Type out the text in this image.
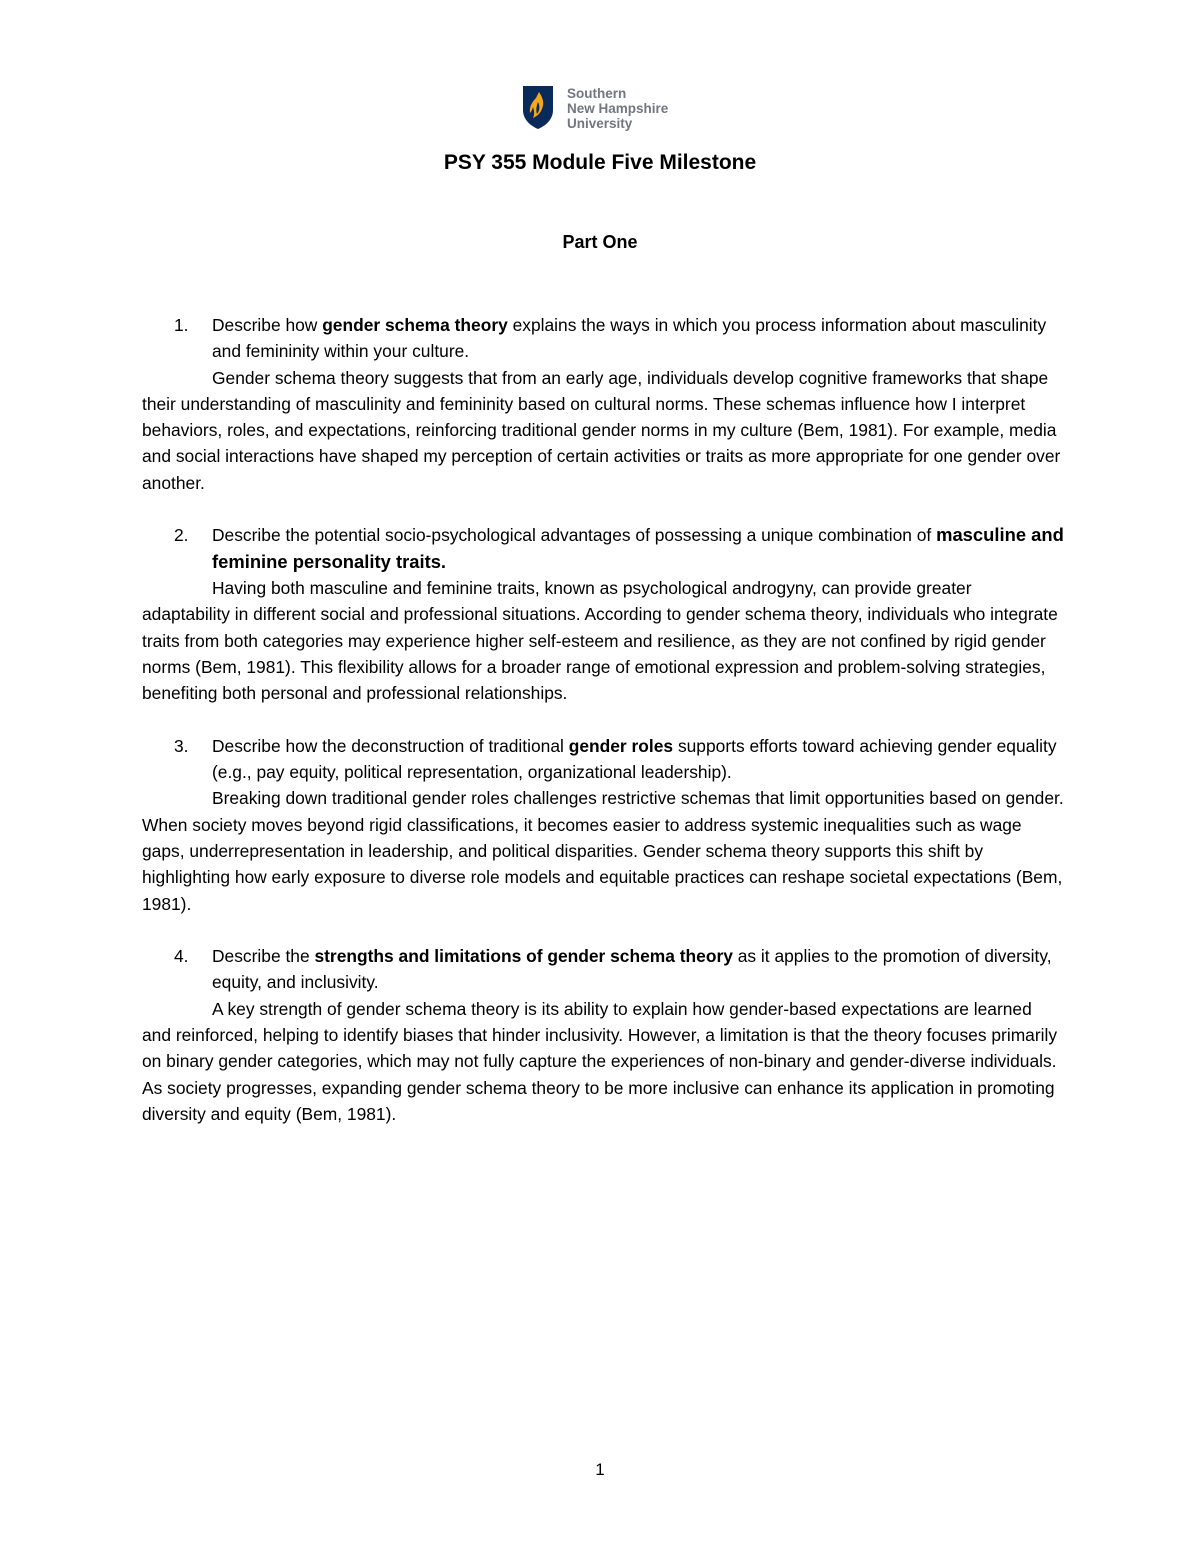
Southern
New Hampshire
University
PSY 355 Module Five Milestone
Part One
1. Describe how gender schema theory explains the ways in which you process information about masculinity and femininity within your culture.
Gender schema theory suggests that from an early age, individuals develop cognitive frameworks that shape their understanding of masculinity and femininity based on cultural norms. These schemas influence how I interpret behaviors, roles, and expectations, reinforcing traditional gender norms in my culture (Bem, 1981). For example, media and social interactions have shaped my perception of certain activities or traits as more appropriate for one gender over another.
2. Describe the potential socio-psychological advantages of possessing a unique combination of masculine and feminine personality traits.
Having both masculine and feminine traits, known as psychological androgyny, can provide greater adaptability in different social and professional situations. According to gender schema theory, individuals who integrate traits from both categories may experience higher self-esteem and resilience, as they are not confined by rigid gender norms (Bem, 1981). This flexibility allows for a broader range of emotional expression and problem-solving strategies, benefiting both personal and professional relationships.
3. Describe how the deconstruction of traditional gender roles supports efforts toward achieving gender equality (e.g., pay equity, political representation, organizational leadership).
Breaking down traditional gender roles challenges restrictive schemas that limit opportunities based on gender. When society moves beyond rigid classifications, it becomes easier to address systemic inequalities such as wage gaps, underrepresentation in leadership, and political disparities. Gender schema theory supports this shift by highlighting how early exposure to diverse role models and equitable practices can reshape societal expectations (Bem, 1981).
4. Describe the strengths and limitations of gender schema theory as it applies to the promotion of diversity, equity, and inclusivity.
A key strength of gender schema theory is its ability to explain how gender-based expectations are learned and reinforced, helping to identify biases that hinder inclusivity. However, a limitation is that the theory focuses primarily on binary gender categories, which may not fully capture the experiences of non-binary and gender-diverse individuals. As society progresses, expanding gender schema theory to be more inclusive can enhance its application in promoting diversity and equity (Bem, 1981).
1
